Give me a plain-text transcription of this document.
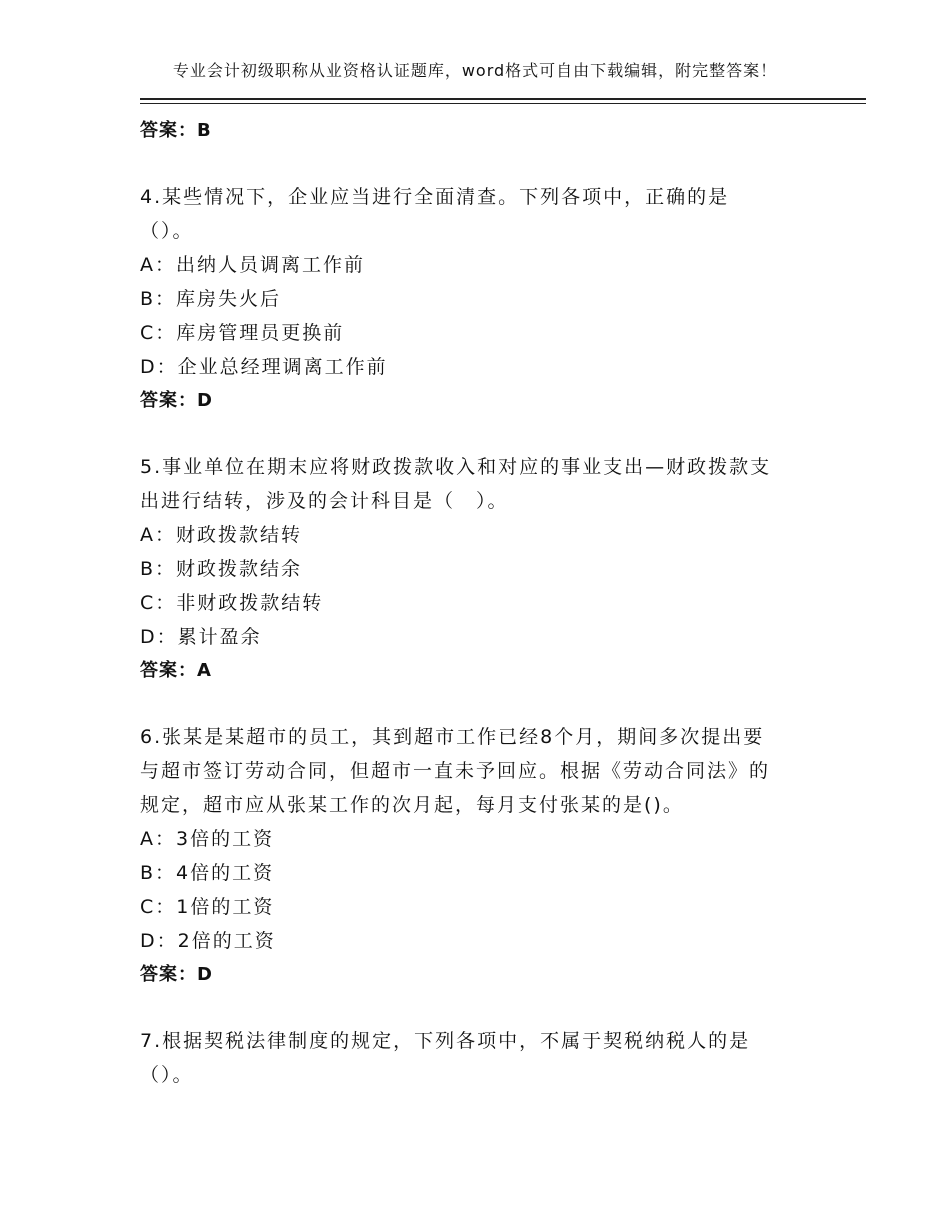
专业会计初级职称从业资格认证题库，word格式可自由下载编辑，附完整答案！
答案：B
4.某些情况下，企业应当进行全面清查。下列各项中，正确的是
（）。
A：出纳人员调离工作前
B：库房失火后
C：库房管理员更换前
D：企业总经理调离工作前
答案：D
5.事业单位在期末应将财政拨款收入和对应的事业支出—财政拨款支
出进行结转，涉及的会计科目是（　）。
A：财政拨款结转
B：财政拨款结余
C：非财政拨款结转
D：累计盈余
答案：A
6.张某是某超市的员工，其到超市工作已经8个月，期间多次提出要
与超市签订劳动合同，但超市一直未予回应。根据《劳动合同法》的
规定，超市应从张某工作的次月起，每月支付张某的是()。
A：3倍的工资
B：4倍的工资
C：1倍的工资
D：2倍的工资
答案：D
7.根据契税法律制度的规定，下列各项中，不属于契税纳税人的是
（）。
